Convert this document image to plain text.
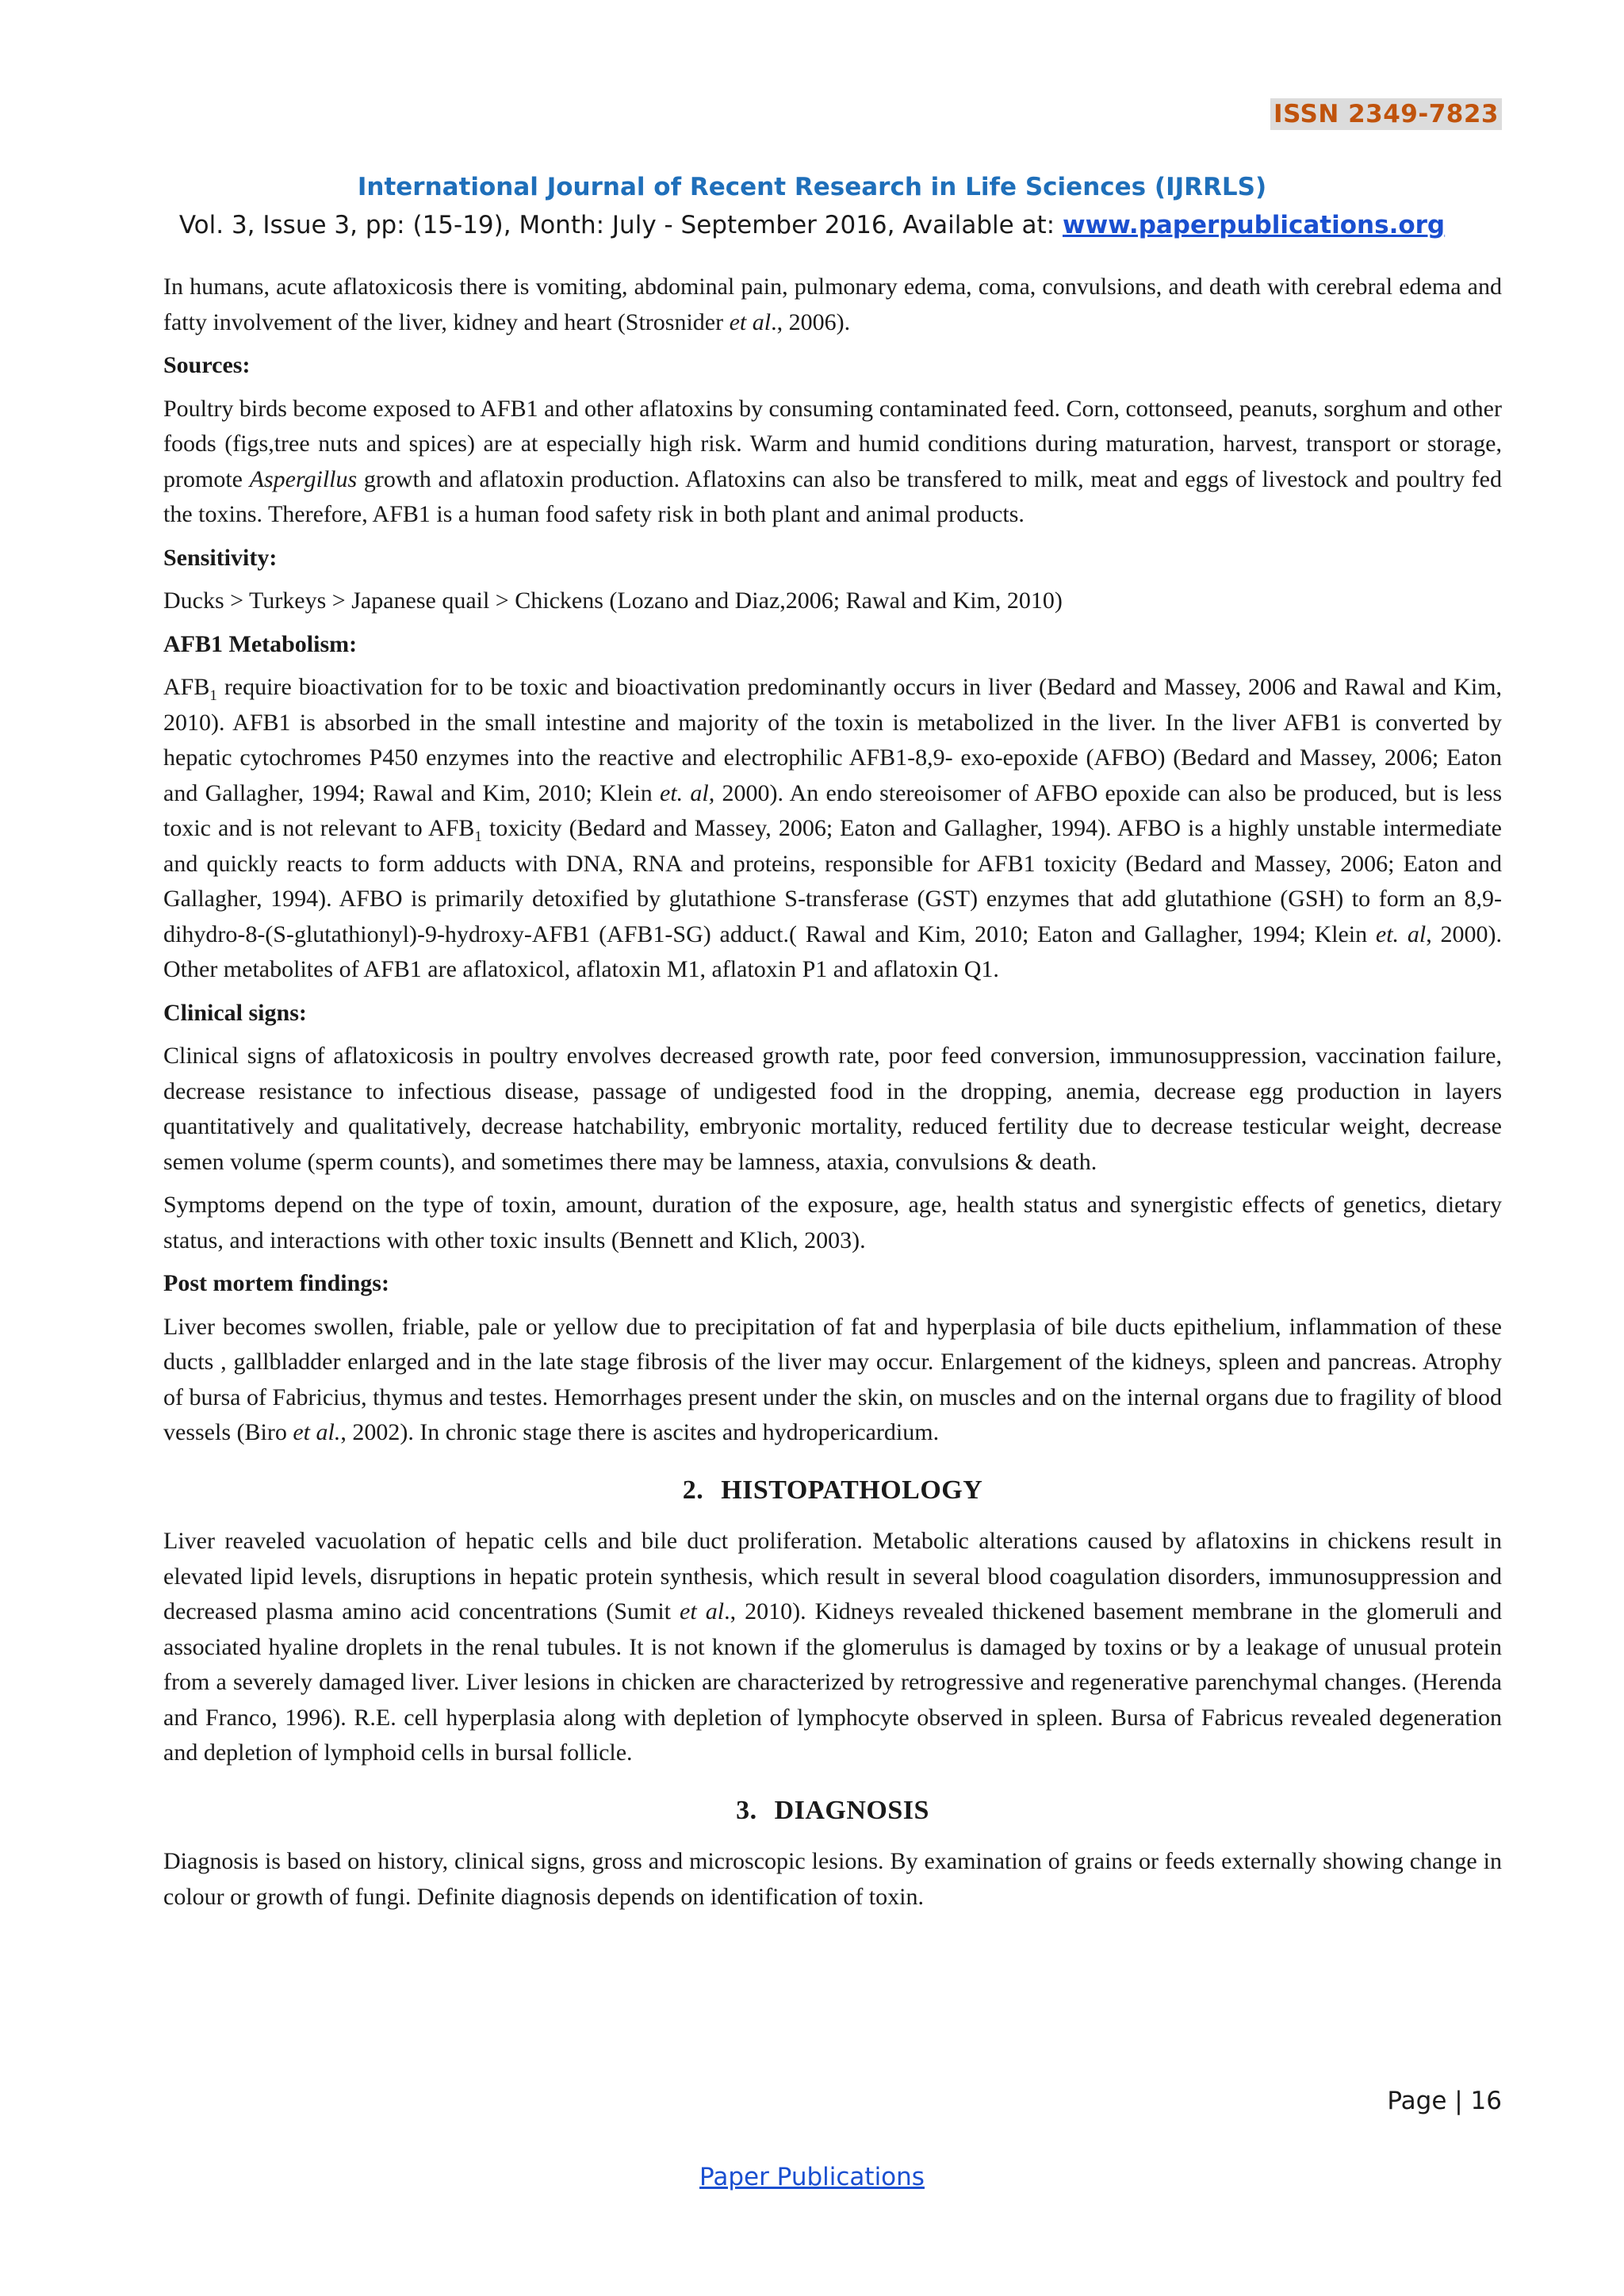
ISSN 2349-7823
International Journal of Recent Research in Life Sciences (IJRRLS)
Vol. 3, Issue 3, pp: (15-19), Month: July - September 2016, Available at: www.paperpublications.org

In humans, acute aflatoxicosis there is vomiting, abdominal pain, pulmonary edema, coma, convulsions, and death with cerebral edema and fatty involvement of the liver, kidney and heart (Strosnider et al., 2006).

Sources:

Poultry birds become exposed to AFB1 and other aflatoxins by consuming contaminated feed. Corn, cottonseed, peanuts, sorghum and other foods (figs,tree nuts and spices) are at especially high risk. Warm and humid conditions during maturation, harvest, transport or storage, promote Aspergillus growth and aflatoxin production. Aflatoxins can also be transfered to milk, meat and eggs of livestock and poultry fed the toxins. Therefore, AFB1 is a human food safety risk in both plant and animal products.

Sensitivity:

Ducks > Turkeys > Japanese quail > Chickens (Lozano and Diaz,2006; Rawal and Kim, 2010)

AFB1 Metabolism:

$AFB_1$ require bioactivation for to be toxic and bioactivation predominantly occurs in liver (Bedard and Massey, 2006 and Rawal and Kim, 2010). AFB1 is absorbed in the small intestine and majority of the toxin is metabolized in the liver. In the liver AFB1 is converted by hepatic cytochromes P450 enzymes into the reactive and electrophilic AFB1-8,9- exo-epoxide (AFBO) (Bedard and Massey, 2006; Eaton and Gallagher, 1994; Rawal and Kim, 2010; Klein et. al, 2000). An endo stereoisomer of AFBO epoxide can also be produced, but is less toxic and is not relevant to $AFB_1$ toxicity (Bedard and Massey, 2006; Eaton and Gallagher, 1994). AFBO is a highly unstable intermediate and quickly reacts to form adducts with DNA, RNA and proteins, responsible for AFB1 toxicity (Bedard and Massey, 2006; Eaton and Gallagher, 1994). AFBO is primarily detoxified by glutathione S-transferase (GST) enzymes that add glutathione (GSH) to form an 8,9-dihydro-8-(S-glutathionyl)-9-hydroxy-AFB1 (AFB1-SG) adduct.( Rawal and Kim, 2010; Eaton and Gallagher, 1994; Klein et. al, 2000). Other metabolites of AFB1 are aflatoxicol, aflatoxin M1, aflatoxin P1 and aflatoxin Q1.

Clinical signs:

Clinical signs of aflatoxicosis in poultry envolves decreased growth rate, poor feed conversion, immunosuppression, vaccination failure, decrease resistance to infectious disease, passage of undigested food in the dropping, anemia, decrease egg production in layers quantitatively and qualitatively, decrease hatchability, embryonic mortality, reduced fertility due to decrease testicular weight, decrease semen volume (sperm counts), and sometimes there may be lamness, ataxia, convulsions & death.

Symptoms depend on the type of toxin, amount, duration of the exposure, age, health status and synergistic effects of genetics, dietary status, and interactions with other toxic insults (Bennett and Klich, 2003).

Post mortem findings:

Liver becomes swollen, friable, pale or yellow due to precipitation of fat and hyperplasia of bile ducts epithelium, inflammation of these ducts , gallbladder enlarged and in the late stage fibrosis of the liver may occur. Enlargement of the kidneys, spleen and pancreas. Atrophy of bursa of Fabricius, thymus and testes. Hemorrhages present under the skin, on muscles and on the internal organs due to fragility of blood vessels (Biro et al., 2002). In chronic stage there is ascites and hydropericardium.

2. HISTOPATHOLOGY

Liver reaveled vacuolation of hepatic cells and bile duct proliferation. Metabolic alterations caused by aflatoxins in chickens result in elevated lipid levels, disruptions in hepatic protein synthesis, which result in several blood coagulation disorders, immunosuppression and decreased plasma amino acid concentrations (Sumit et al., 2010). Kidneys revealed thickened basement membrane in the glomeruli and associated hyaline droplets in the renal tubules. It is not known if the glomerulus is damaged by toxins or by a leakage of unusual protein from a severely damaged liver. Liver lesions in chicken are characterized by retrogressive and regenerative parenchymal changes. (Herenda and Franco, 1996). R.E. cell hyperplasia along with depletion of lymphocyte observed in spleen. Bursa of Fabricus revealed degeneration and depletion of lymphoid cells in bursal follicle.

3. DIAGNOSIS

Diagnosis is based on history, clinical signs, gross and microscopic lesions. By examination of grains or feeds externally showing change in colour or growth of fungi. Definite diagnosis depends on identification of toxin.

Page | 16
Paper Publications
